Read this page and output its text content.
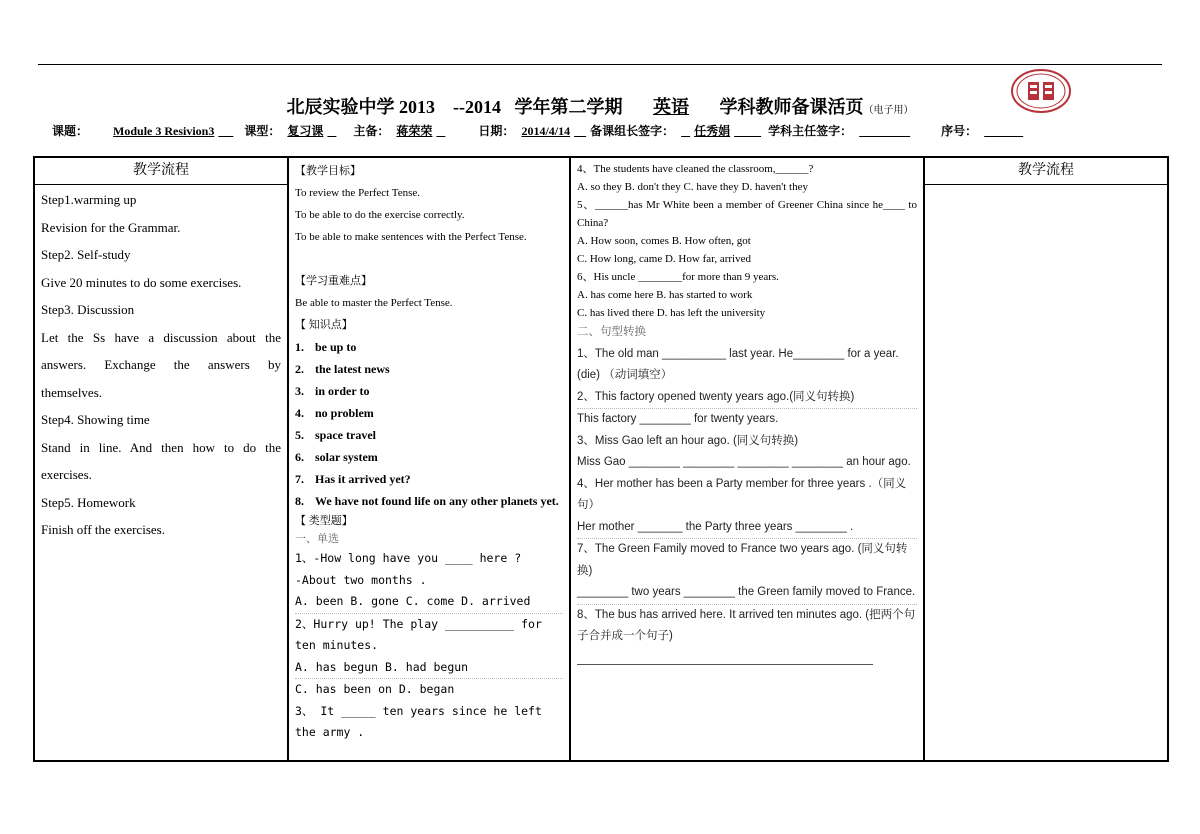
北辰实验中学 2013 --2014 学年第二学期 英语 学科教师备课活页（电子用）
课题： Module 3 Resivion3	课型： 复习课	主备： 蒋荣荣	日期： 2014/4/14 备课组长签字： 任秀娟	学科主任签字：	序号：
教学流程

Step1.warming up

Revision for the Grammar.

Step2. Self-study

Give 20 minutes to do some exercises.

Step3. Discussion

Let the Ss have a discussion about the answers. Exchange the answers by themselves.

Step4. Showing time

Stand in line. And then how to do the exercises.

Step5. Homework

Finish off the exercises.

【教学目标】

To review the Perfect Tense.

To be able to do the exercise correctly.

To be able to make sentences with the Perfect Tense.

【学习重难点】

Be able to master the Perfect Tense.

【 知识点】

1. be up to

2. the latest news

3. in order to

4. no problem

5. space travel

6. solar system

7. Has it arrived yet?

8. We have not found life on any other planets yet.

【 类型题】

一、单选

1、-How long have you ____ here ?

-About two months .

A. been B. gone C. come D. arrived

2、Hurry up! The play __________ for ten minutes.

A. has begun B. had begun

C. has been on D. began

3、 It _____ ten years since he left the army .

4、The students have cleaned the classroom,______?

A. so they B. don't they C. have they D. haven't they

5、______has Mr White been a member of Greener China since he____ to China?

A. How soon, comes B. How often, got

C. How long, came D. How far, arrived

6、His uncle ________for more than 9 years.

A. has come here B. has started to work

C. has lived there D. has left the university

二、句型转换

1、The old man __________ last year. He________ for a year. (die) （动词填空）

2、This factory opened twenty years ago.(同义句转换)

This factory ________ for twenty years.

3、Miss Gao left an hour ago. (同义句转换)

Miss Gao ________ ________ ________ ________ an hour ago.

4、Her mother has been a Party member for three years .（同义句）

Her mother _______ the Party three years ________ .

7、The Green Family moved to France two years ago. (同义句转换)

________ two years ________ the Green family moved to France.

8、The bus has arrived here. It arrived ten minutes ago. (把两个句子合并成一个句子)

教学流程
